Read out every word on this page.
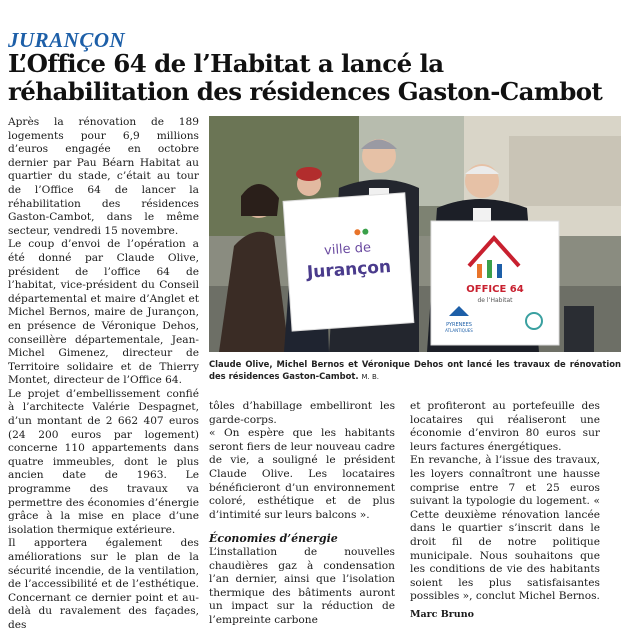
JURANÇON
L’Office 64 de l’Habitat a lancé la réhabilitation des résidences Gaston-Cambot

Après la rénovation de 189 logements pour 6,9 millions d’euros engagée en octobre dernier par Pau Béarn Habitat au quartier du stade, c’était au tour de l’Office 64 de lancer la réhabilitation des résidences Gaston-Cambot, dans le même secteur, vendredi 15 novembre.

Le coup d’envoi de l’opération a été donné par Claude Olive, président de l’office 64 de l’habitat, vice-président du Conseil départemental et maire d’Anglet et Michel Bernos, maire de Jurançon, en présence de Véronique Dehos, conseillère départementale, Jean-Michel Gimenez, directeur de Territoire solidaire et de Thierry Montet, directeur de l’Office 64.

Le projet d’embellissement confié à l’architecte Valérie Despagnet, d’un montant de 2 662 407 euros (24 200 euros par logement) concerne 110 appartements dans quatre immeubles, dont le plus ancien date de 1963. Le programme des travaux va permettre des économies d’énergie grâce à la mise en place d’une isolation thermique extérieure.

Il apportera également des améliorations sur le plan de la sécurité incendie, de la ventilation, de l’accessibilité et de l’esthétique. Concernant ce dernier point et au-delà du ravalement des façades, des

ville de
Jurançon
OFFICE 64
de l’Habitat
PYRENEES
ATLANTIQUES
Claude Olive, Michel Bernos et Véronique Dehos ont lancé les travaux de rénovation des résidences Gaston-Cambot. M. B.

tôles d’habillage embelliront les garde-corps.

« On espère que les habitants seront fiers de leur nouveau cadre de vie, a souligné le président Claude Olive. Les locataires bénéficieront d’un environnement coloré, esthétique et de plus d’intimité sur leurs balcons ».

Économies d’énergie

L’installation de nouvelles chaudières gaz à condensation l’an dernier, ainsi que l’isolation thermique des bâtiments auront un impact sur la réduction de l’empreinte carbone

et profiteront au portefeuille des locataires qui réaliseront une économie d’environ 80 euros sur leurs factures énergétiques.

En revanche, à l’issue des travaux, les loyers connaîtront une hausse comprise entre 7 et 25 euros suivant la typologie du logement. « Cette deuxième rénovation lancée dans le quartier s’inscrit dans le droit fil de notre politique municipale. Nous souhaitons que les conditions de vie des habitants soient les plus satisfaisantes possibles », conclut Michel Bernos.

Marc Bruno
